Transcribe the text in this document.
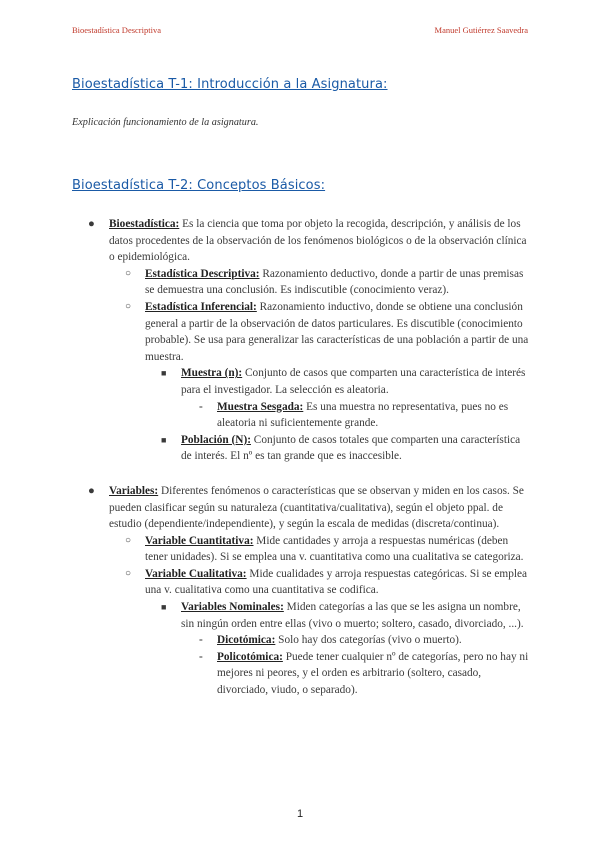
Bioestadística Descriptiva	Manuel Gutiérrez Saavedra
Bioestadística T-1: Introducción a la Asignatura:
Explicación funcionamiento de la asignatura.
Bioestadística T-2: Conceptos Básicos:
● Bioestadística: Es la ciencia que toma por objeto la recogida, descripción, y análisis de los datos procedentes de la observación de los fenómenos biológicos o de la observación clínica o epidemiológica.
○ Estadística Descriptiva: Razonamiento deductivo, donde a partir de unas premisas se demuestra una conclusión. Es indiscutible (conocimiento veraz).
○ Estadística Inferencial: Razonamiento inductivo, donde se obtiene una conclusión general a partir de la observación de datos particulares. Es discutible (conocimiento probable). Se usa para generalizar las características de una población a partir de una muestra.
■ Muestra (n): Conjunto de casos que comparten una característica de interés para el investigador. La selección es aleatoria.
- Muestra Sesgada: Es una muestra no representativa, pues no es aleatoria ni suficientemente grande.
■ Población (N): Conjunto de casos totales que comparten una característica de interés. El nº es tan grande que es inaccesible.
● Variables: Diferentes fenómenos o características que se observan y miden en los casos. Se pueden clasificar según su naturaleza (cuantitativa/cualitativa), según el objeto ppal. de estudio (dependiente/independiente), y según la escala de medidas (discreta/continua).
○ Variable Cuantitativa: Mide cantidades y arroja a respuestas numéricas (deben tener unidades). Si se emplea una v. cuantitativa como una cualitativa se categoriza.
○ Variable Cualitativa: Mide cualidades y arroja respuestas categóricas. Si se emplea una v. cualitativa como una cuantitativa se codifica.
■ Variables Nominales: Miden categorías a las que se les asigna un nombre, sin ningún orden entre ellas (vivo o muerto; soltero, casado, divorciado, ...).
- Dicotómica: Solo hay dos categorías (vivo o muerto).
- Policotómica: Puede tener cualquier nº de categorías, pero no hay ni mejores ni peores, y el orden es arbitrario (soltero, casado, divorciado, viudo, o separado).
1
